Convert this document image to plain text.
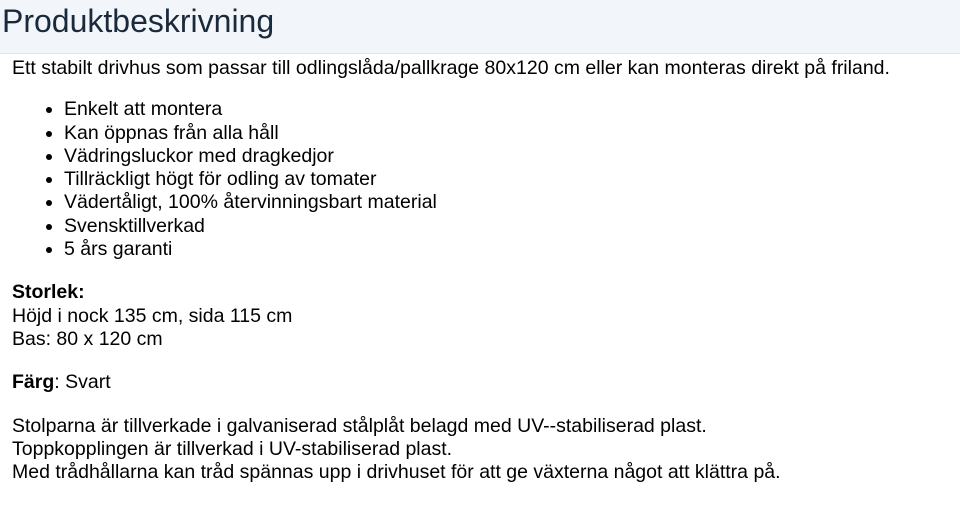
Produktbeskrivning

Ett stabilt drivhus som passar till odlingslåda/pallkrage 80x120 cm eller kan monteras direkt på friland.

• Enkelt att montera
• Kan öppnas från alla håll
• Vädringsluckor med dragkedjor
• Tillräckligt högt för odling av tomater
• Vädertåligt, 100% återvinningsbart material
• Svensktillverkad
• 5 års garanti
Storlek:
Höjd i nock 135 cm, sida 115 cm
Bas: 80 x 120 cm
Färg: Svart
Stolparna är tillverkade i galvaniserad stålplåt belagd med UV--stabiliserad plast.
Toppkopplingen är tillverkad i UV-stabiliserad plast.
Med trådhållarna kan tråd spännas upp i drivhuset för att ge växterna något att klättra på.
